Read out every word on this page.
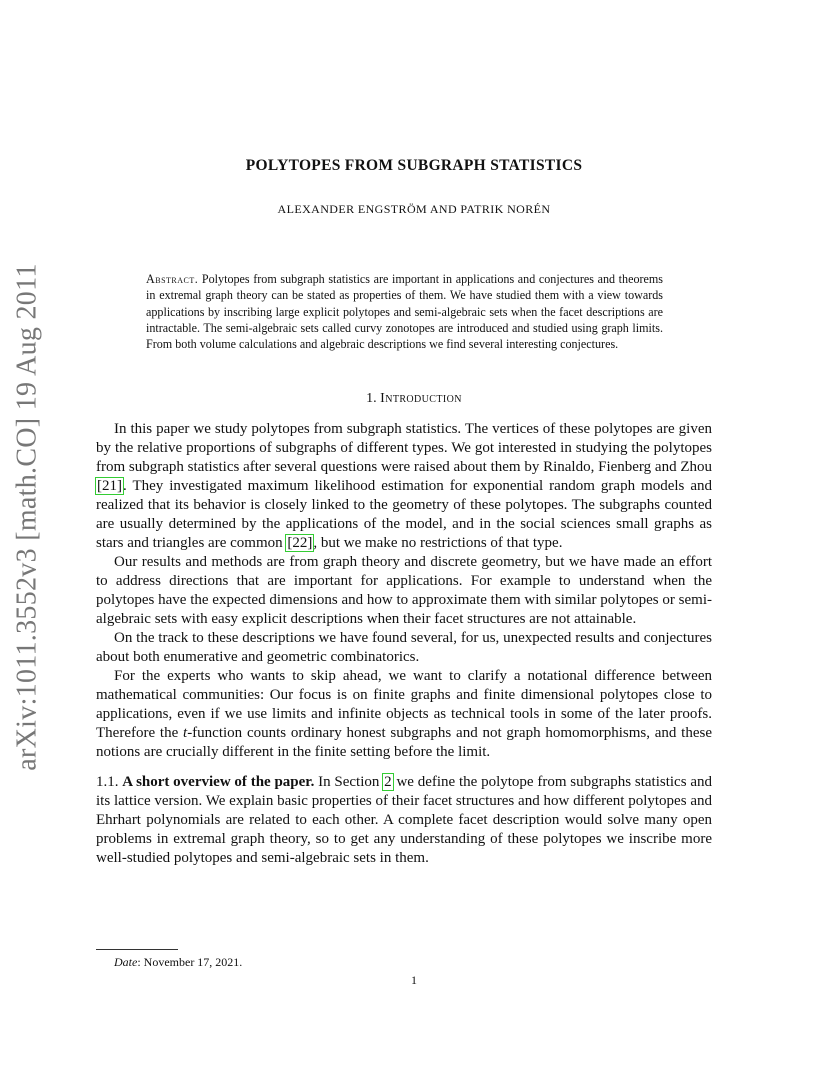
arXiv:1011.3552v3 [math.CO] 19 Aug 2011
POLYTOPES FROM SUBGRAPH STATISTICS
ALEXANDER ENGSTRÖM AND PATRIK NORÉN
Abstract. Polytopes from subgraph statistics are important in applications and conjectures and theorems in extremal graph theory can be stated as properties of them. We have studied them with a view towards applications by inscribing large explicit polytopes and semi-algebraic sets when the facet descriptions are intractable. The semi-algebraic sets called curvy zonotopes are introduced and studied using graph limits. From both volume calculations and algebraic descriptions we find several interesting conjectures.
1. Introduction

In this paper we study polytopes from subgraph statistics. The vertices of these polytopes are given by the relative proportions of subgraphs of different types. We got interested in studying the polytopes from subgraph statistics after several questions were raised about them by Rinaldo, Fienberg and Zhou [21]. They investigated maximum likelihood estimation for exponential random graph models and realized that its behavior is closely linked to the geometry of these polytopes. The subgraphs counted are usually determined by the applications of the model, and in the social sciences small graphs as stars and triangles are common [22], but we make no restrictions of that type.

Our results and methods are from graph theory and discrete geometry, but we have made an effort to address directions that are important for applications. For example to understand when the polytopes have the expected dimensions and how to approximate them with similar polytopes or semi-algebraic sets with easy explicit descriptions when their facet structures are not attainable.

On the track to these descriptions we have found several, for us, unexpected results and conjectures about both enumerative and geometric combinatorics.

For the experts who wants to skip ahead, we want to clarify a notational difference between mathematical communities: Our focus is on finite graphs and finite dimensional polytopes close to applications, even if we use limits and infinite objects as technical tools in some of the later proofs. Therefore the t-function counts ordinary honest subgraphs and not graph homomorphisms, and these notions are crucially different in the finite setting before the limit.

1.1. A short overview of the paper. In Section 2 we define the polytope from subgraphs statistics and its lattice version. We explain basic properties of their facet structures and how different polytopes and Ehrhart polynomials are related to each other. A complete facet description would solve many open problems in extremal graph theory, so to get any understanding of these polytopes we inscribe more well-studied polytopes and semi-algebraic sets in them.

Date: November 17, 2021.
1
